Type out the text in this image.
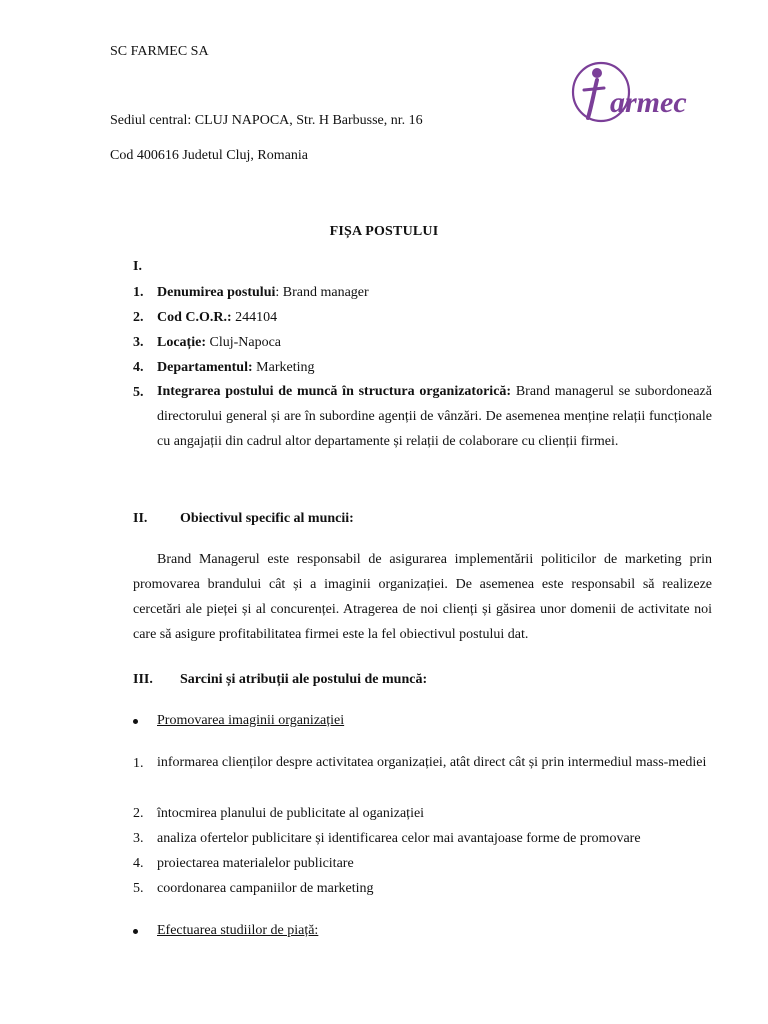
SC FARMEC SA
Sediul central: CLUJ NAPOCA, Str. H Barbusse, nr. 16
Cod 400616 Judetul Cluj, Romania
armec
FIȘA POSTULUI
I.
1. Denumirea postului: Brand manager
2. Cod C.O.R.: 244104
3. Locație: Cluj-Napoca
4. Departamentul: Marketing
5. Integrarea postului de muncă în structura organizatorică: Brand managerul se subordonează directorului general și are în subordine agenții de vânzări. De asemenea menține relații funcționale cu angajații din cadrul altor departamente și relații de colaborare cu clienții firmei.
II. Obiectivul specific al muncii:
Brand Managerul este responsabil de asigurarea implementării politicilor de marketing prin promovarea brandului cât și a imaginii organizației. De asemenea este responsabil să realizeze cercetări ale pieței și al concurenței. Atragerea de noi clienți și găsirea unor domenii de activitate noi care să asigure profitabilitatea firmei este la fel obiectivul postului dat.
III. Sarcini și atribuții ale postului de muncă:
Promovarea imaginii organizației
1. informarea clienților despre activitatea organizației, atât direct cât și prin intermediul mass-mediei
2. întocmirea planului de publicitate al oganizației
3. analiza ofertelor publicitare și identificarea celor mai avantajoase forme de promovare
4. proiectarea materialelor publicitare
5. coordonarea campaniilor de marketing
Efectuarea studiilor de piață:
